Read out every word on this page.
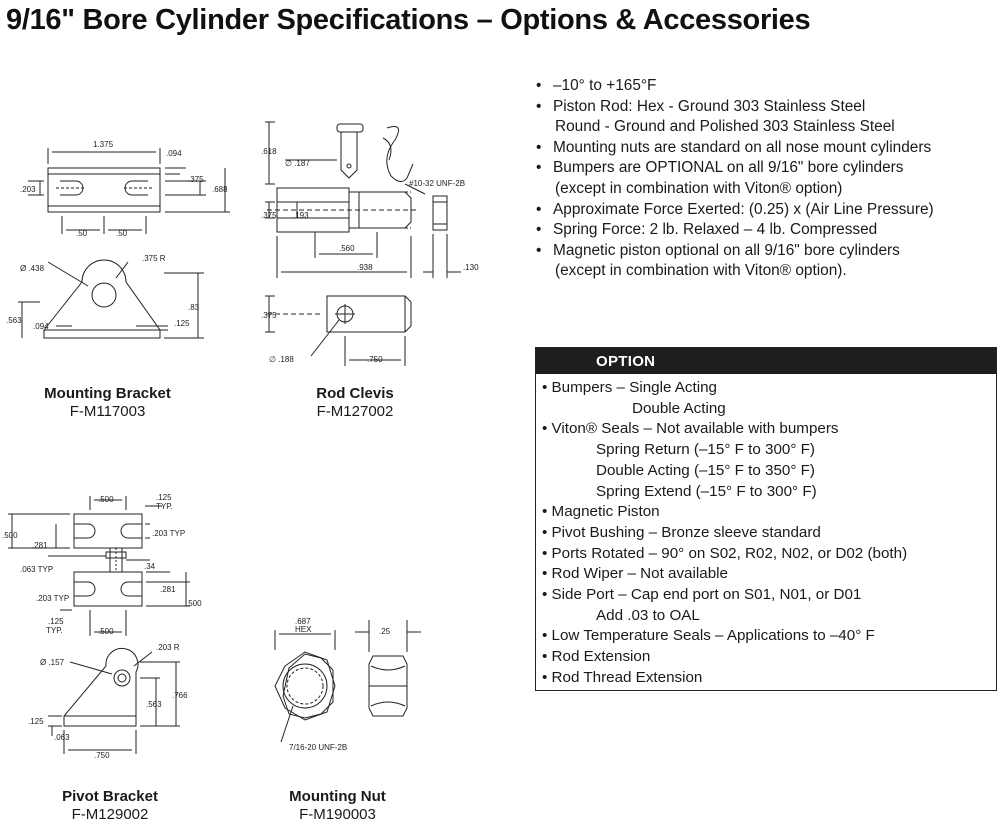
9/16" Bore Cylinder Specifications – Options & Accessories
1.375
.094
.375
.688
.203
.50	.50
Ø .438
.375 R
.83
.563
.094	.125
Mounting Bracket
F-M117003
.618
∅ .187
#10-32 UNF-2B
.375 .193
.560
.938	.130
.375
∅ .188	.750
Rod Clevis
F-M127002
.500	.125
TYP.
.500
.281
.203 TYP
.063 TYP	.34
.281
.203 TYP
.500
.125
TYP.	.500
Ø .157
.203 R
.766
.563
.125
.063
.750
Pivot Bracket
F-M129002
.687
HEX	.25
7/16-20 UNF-2B
Mounting Nut
F-M190003
• –10° to +165°F
• Piston Rod: Hex - Ground 303 Stainless Steel
Round - Ground and Polished 303 Stainless Steel
• Mounting nuts are standard on all nose mount cylinders
• Bumpers are OPTIONAL on all 9/16" bore cylinders
(except in combination with Viton® option)
• Approximate Force Exerted: (0.25) x (Air Line Pressure)
• Spring Force: 2 lb. Relaxed – 4 lb. Compressed
• Magnetic piston optional on all 9/16" bore cylinders
(except in combination with Viton® option).
OPTION
• Bumpers – Single Acting
Double Acting
• Viton® Seals – Not available with bumpers
Spring Return (–15° F to 300° F)
Double Acting (–15° F to 350° F)
Spring Extend (–15° F to 300° F)
• Magnetic Piston
• Pivot Bushing – Bronze sleeve standard
• Ports Rotated – 90° on S02, R02, N02, or D02 (both)
• Rod Wiper – Not available
• Side Port – Cap end port on S01, N01, or D01
Add .03 to OAL
• Low Temperature Seals – Applications to –40° F
• Rod Extension
• Rod Thread Extension
